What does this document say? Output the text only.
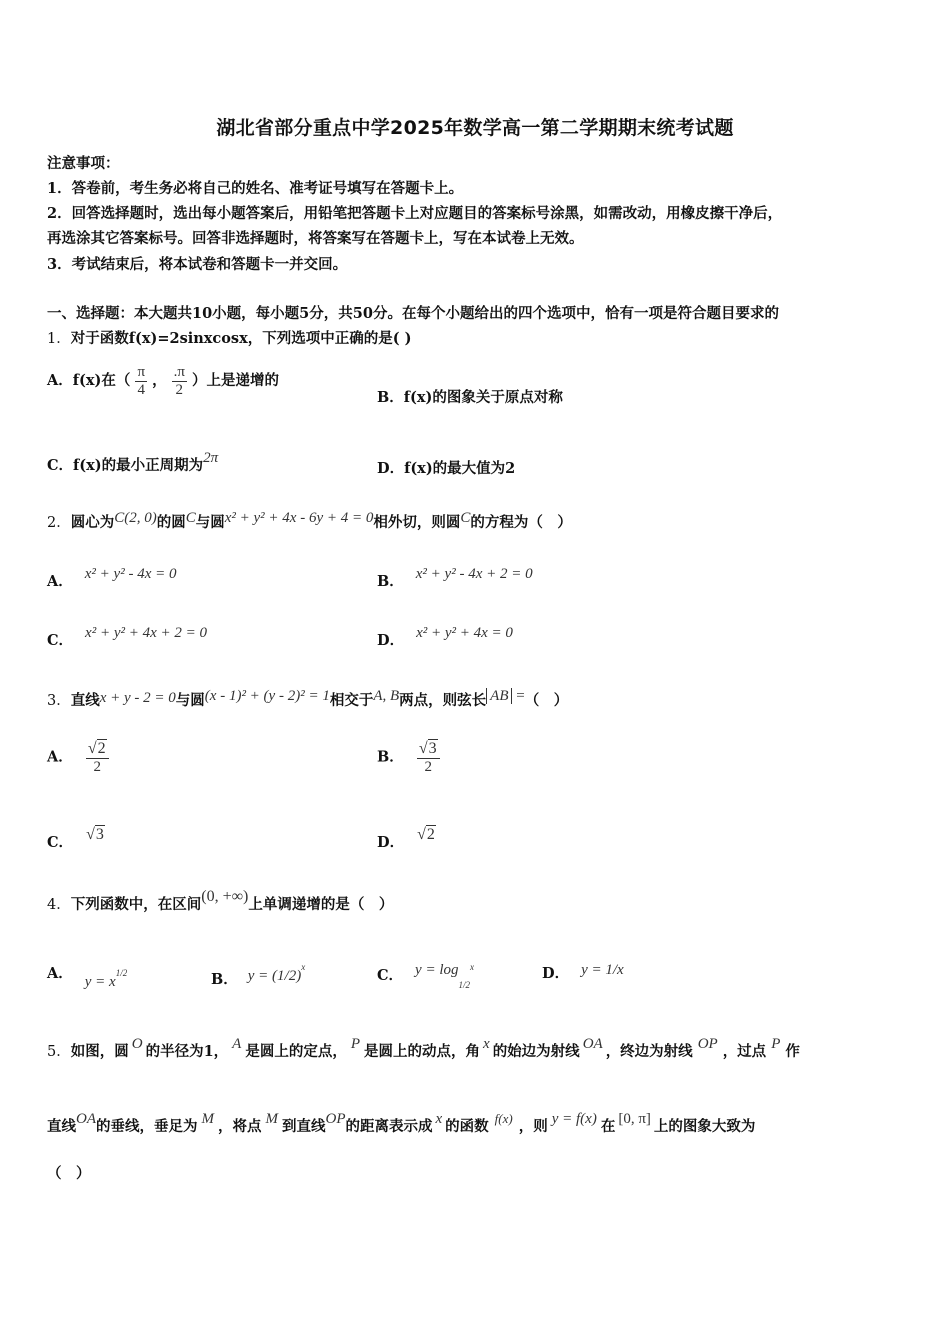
湖北省部分重点中学2025年数学高一第二学期期末统考试题
注意事项：
1．答卷前，考生务必将自己的姓名、准考证号填写在答题卡上。
2．回答选择题时，选出每小题答案后，用铅笔把答题卡上对应题目的答案标号涂黑，如需改动，用橡皮擦干净后，
再选涂其它答案标号。回答非选择题时，将答案写在答题卡上，写在本试卷上无效。
3．考试结束后，将本试卷和答题卡一并交回。
一、选择题：本大题共10小题，每小题5分，共50分。在每个小题给出的四个选项中，恰有一项是符合题目要求的
1．对于函数f(x)=2sinxcosx，下列选项中正确的是( )
A．f(x)在（ $\frac{\pi}{4}$ ， $\frac{.\pi}{2}$ ）上是递增的
B．f(x)的图象关于原点对称
C．f(x)的最小正周期为2π
D．f(x)的最大值为2
2．圆心为C(2, 0)的圆C与圆x² + y² + 4x - 6y + 4 = 0相外切，则圆C的方程为（　）
A． x² + y² - 4x = 0	B． x² + y² - 4x + 2 = 0
C． x² + y² + 4x + 2 = 0	D． x² + y² + 4x = 0
3．直线x + y - 2 = 0与圆(x - 1)² + (y - 2)² = 1相交于A, B两点，则弦长 AB =（　）
A． $\frac{√2}{2}$	B． $\frac{√3}{2}$
C． √3	D． √2
4．下列函数中，在区间(0, +∞)上单调递增的是（　）
A． $y = x^{1/2}$	B． $y = (1/2)^x$	C． $y = \log_{1/2}^x$	D． y = 1/x
5．如图，圆 O 的半径为1， A 是圆上的定点， P 是圆上的动点，角 x 的始边为射线 OA ，终边为射线 OP ，过点 P 作
直线OA的垂线，垂足为 M ，将点 M 到直线OP的距离表示成 x 的函数 f(x) ，则 y = f(x) 在 [0, π] 上的图象大致为
（　）
